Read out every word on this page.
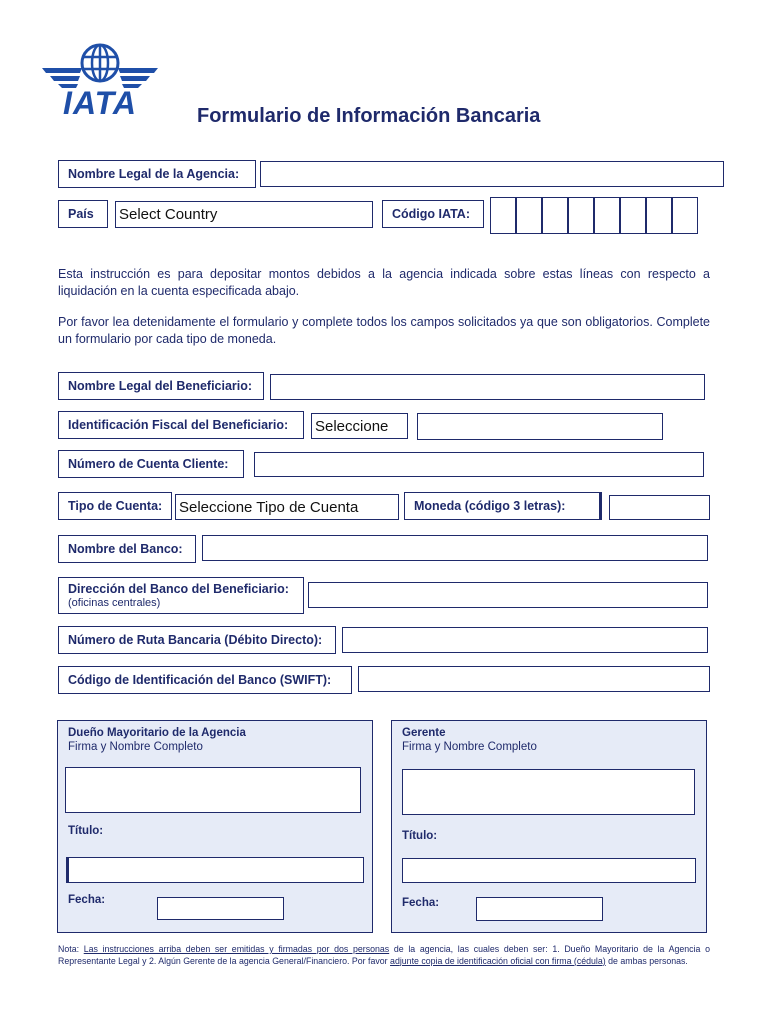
IATA	Formulario de Información Bancaria
Nombre Legal de la Agencia:
País	Select Country	Código IATA:
Esta instrucción es para depositar montos debidos a la agencia indicada sobre estas líneas con respecto a liquidación en la cuenta especificada abajo.
Por favor lea detenidamente el formulario y complete todos los campos solicitados ya que son obligatorios. Complete un formulario por cada tipo de moneda.
Nombre Legal del Beneficiario:
Identificación Fiscal del Beneficiario:	Seleccione
Número de Cuenta Cliente:
Tipo de Cuenta:	Seleccione Tipo de Cuenta	Moneda (código 3 letras):
Nombre del Banco:
Dirección del Banco del Beneficiario:
(oficinas centrales)
Número de Ruta Bancaria (Débito Directo):
Código de Identificación del Banco (SWIFT):
Dueño Mayoritario de la Agencia
Firma y Nombre Completo
Título:
Fecha:
Gerente
Firma y Nombre Completo
Título:
Fecha:
Nota: Las instrucciones arriba deben ser emitidas y firmadas por dos personas de la agencia, las cuales deben ser: 1. Dueño Mayoritario de la Agencia o Representante Legal y 2. Algún Gerente de la agencia General/Financiero. Por favor adjunte copia de identificación oficial con firma (cédula) de ambas personas.
